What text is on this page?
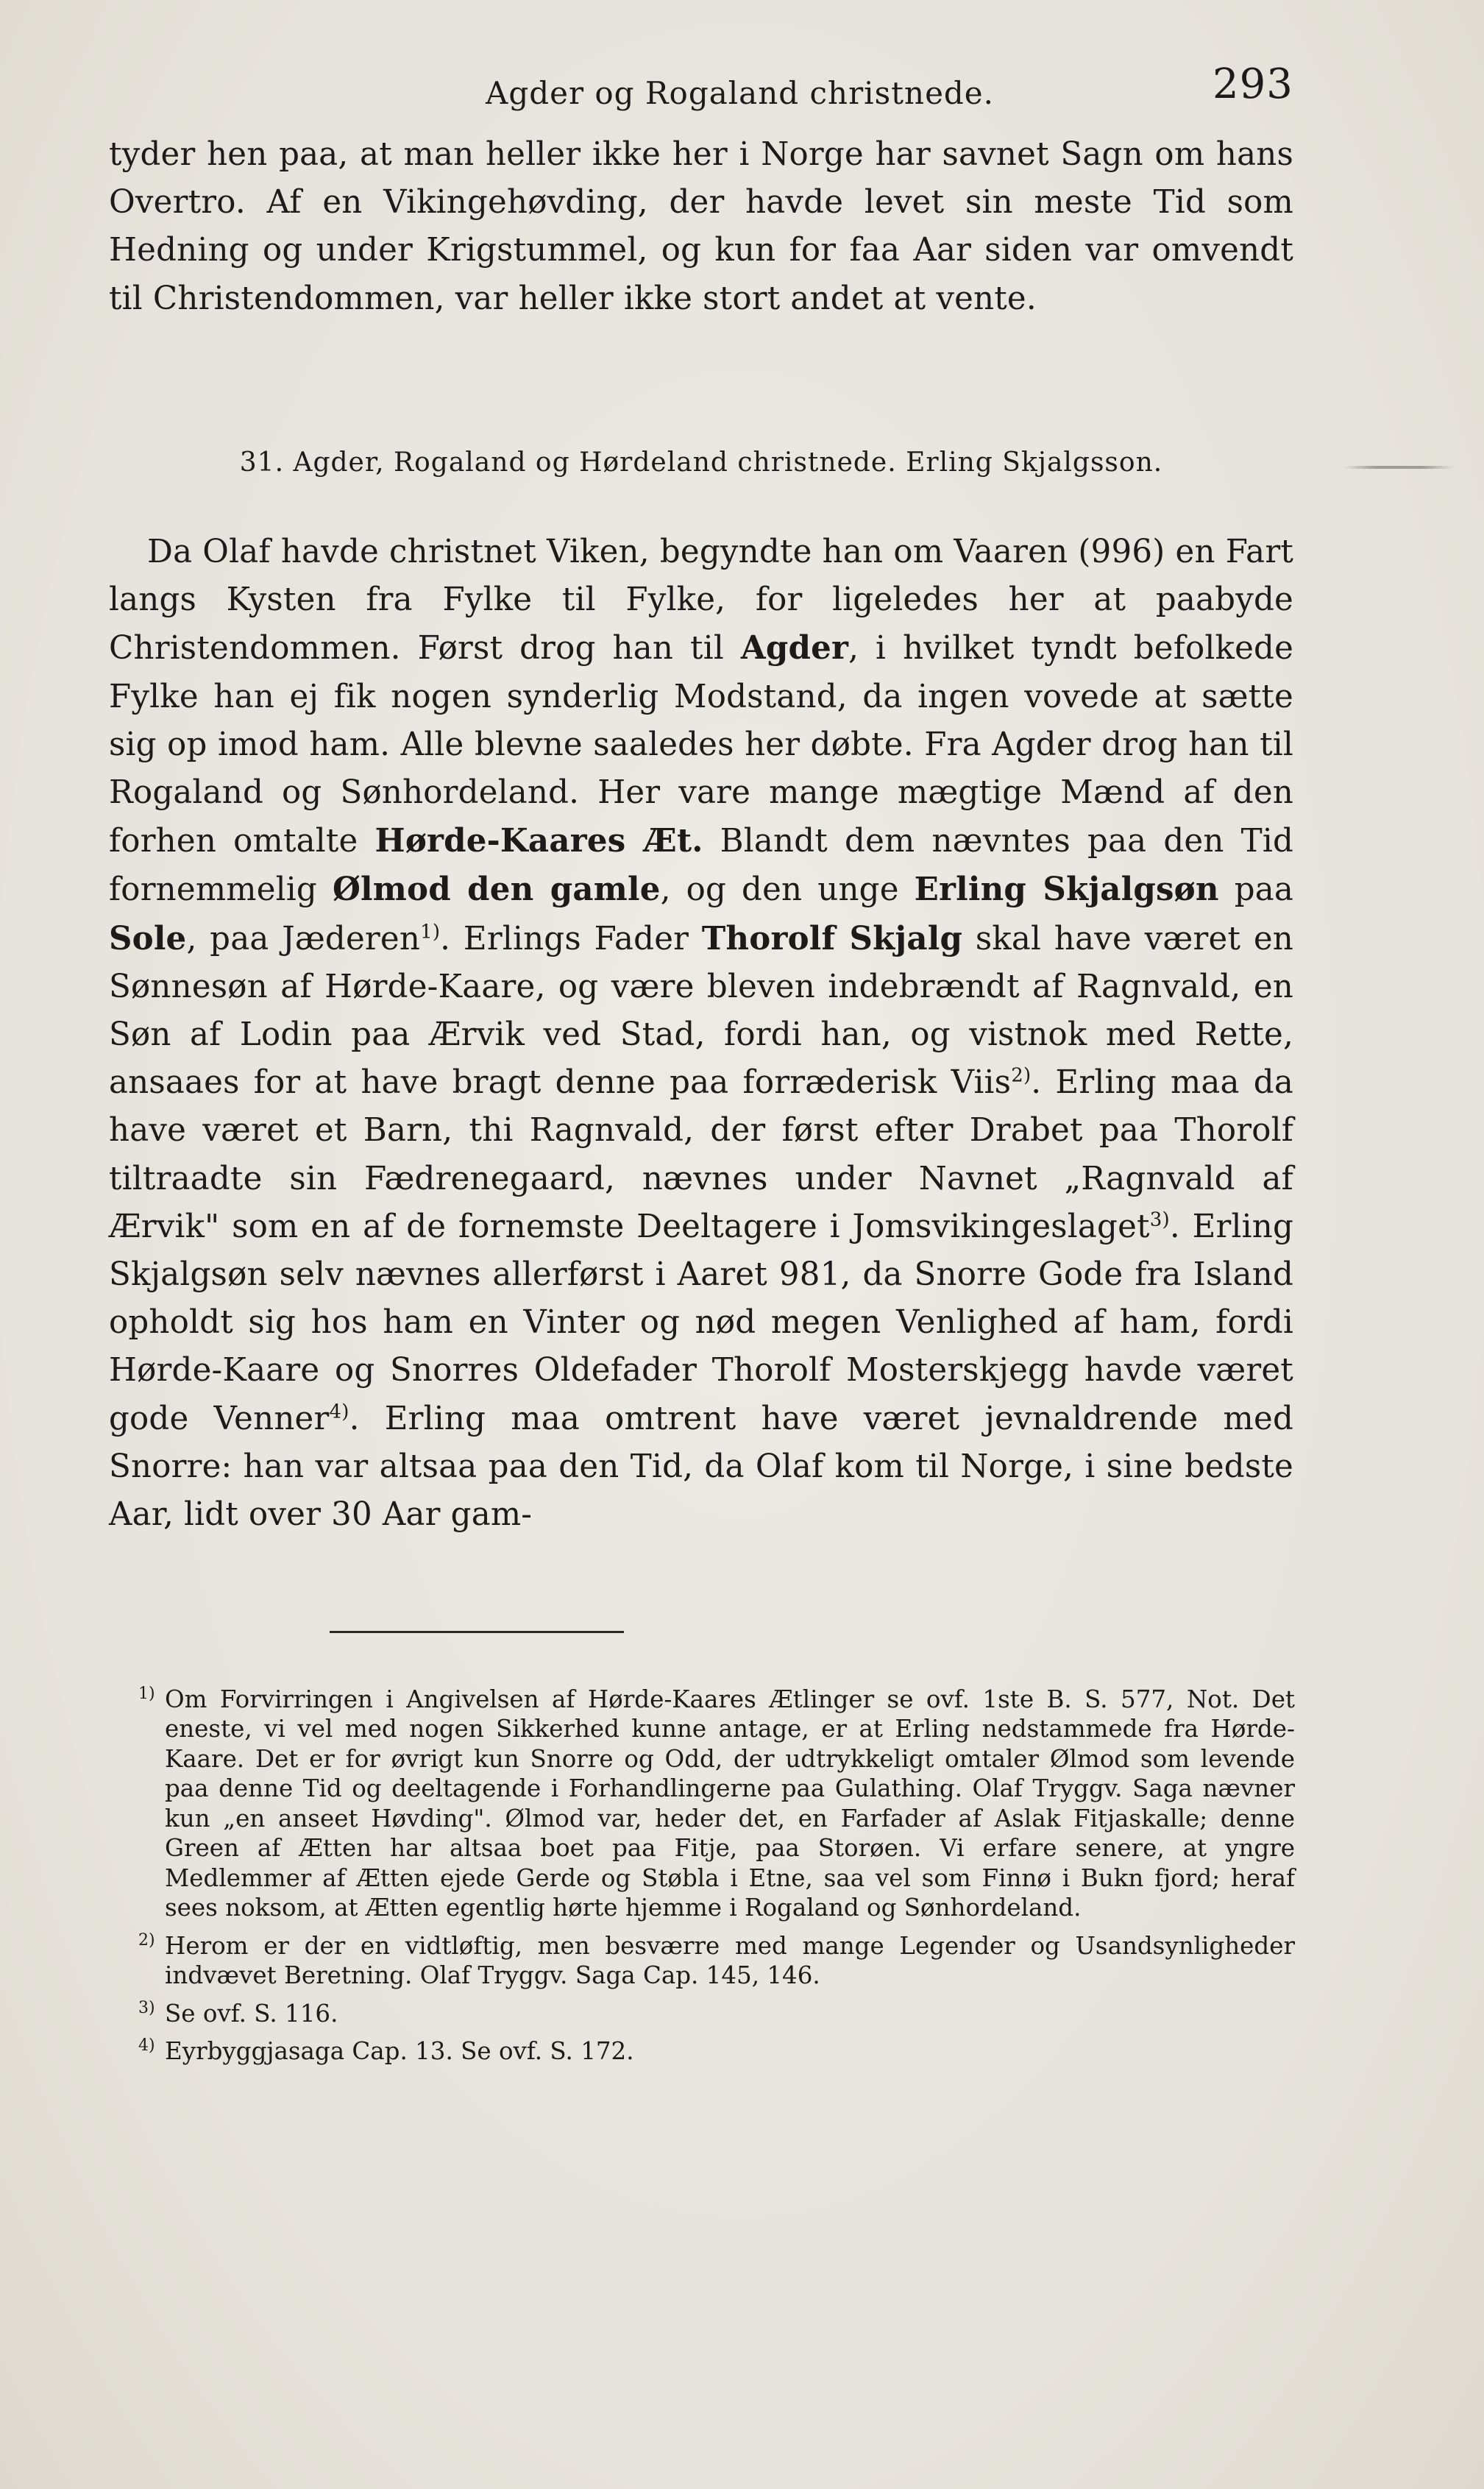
Agder og Rogaland christnede.	293

tyder hen paa, at man heller ikke her i Norge har savnet Sagn om hans Overtro. Af en Vikingehøvding, der havde levet sin meste Tid som Hedning og under Krigstummel, og kun for faa Aar siden var omvendt til Christendommen, var heller ikke stort andet at vente.

31. Agder, Rogaland og Hørdeland christnede. Erling Skjalgsson.

Da Olaf havde christnet Viken, begyndte han om Vaaren (996) en Fart langs Kysten fra Fylke til Fylke, for ligeledes her at paabyde Christendommen. Først drog han til Agder, i hvilket tyndt befolkede Fylke han ej fik nogen synderlig Modstand, da ingen vovede at sætte sig op imod ham. Alle blevne saaledes her døbte. Fra Agder drog han til Rogaland og Sønhordeland. Her vare mange mægtige Mænd af den forhen omtalte Hørde-Kaares Æt. Blandt dem nævntes paa den Tid fornemmelig Ølmod den gamle, og den unge Erling Skjalgsøn paa Sole, paa Jæderen$^{1)}$. Erlings Fader Thorolf Skjalg skal have været en Sønnesøn af Hørde-Kaare, og være bleven indebrændt af Ragnvald, en Søn af Lodin paa Ærvik ved Stad, fordi han, og vistnok med Rette, ansaaes for at have bragt denne paa forræderisk Viis$^{2)}$. Erling maa da have været et Barn, thi Ragnvald, der først efter Drabet paa Thorolf tiltraadte sin Fædrenegaard, nævnes under Navnet „Ragnvald af Ærvik" som en af de fornemste Deeltagere i Jomsvikingeslaget$^{3)}$. Erling Skjalgsøn selv nævnes allerførst i Aaret 981, da Snorre Gode fra Island opholdt sig hos ham en Vinter og nød megen Venlighed af ham, fordi Hørde-Kaare og Snorres Oldefader Thorolf Mosterskjegg havde været gode Venner$^{4)}$. Erling maa omtrent have været jevnaldrende med Snorre: han var altsaa paa den Tid, da Olaf kom til Norge, i sine bedste Aar, lidt over 30 Aar gam-

1) Om Forvirringen i Angivelsen af Hørde-Kaares Ætlinger se ovf. 1ste B. S. 577, Not. Det eneste, vi vel med nogen Sikkerhed kunne antage, er at Erling nedstammede fra Hørde-Kaare. Det er for øvrigt kun Snorre og Odd, der udtrykkeligt omtaler Ølmod som levende paa denne Tid og deeltagende i Forhandlingerne paa Gulathing. Olaf Tryggv. Saga nævner kun „en anseet Høvding". Ølmod var, heder det, en Farfader af Aslak Fitjaskalle; denne Green af Ætten har altsaa boet paa Fitje, paa Storøen. Vi erfare senere, at yngre Medlemmer af Ætten ejede Gerde og Støbla i Etne, saa vel som Finnø i Bukn fjord; heraf sees noksom, at Ætten egentlig hørte hjemme i Rogaland og Sønhordeland.
2) Herom er der en vidtløftig, men besværre med mange Legender og Usandsynligheder indvævet Beretning. Olaf Tryggv. Saga Cap. 145, 146.
3) Se ovf. S. 116.
4) Eyrbyggjasaga Cap. 13. Se ovf. S. 172.
